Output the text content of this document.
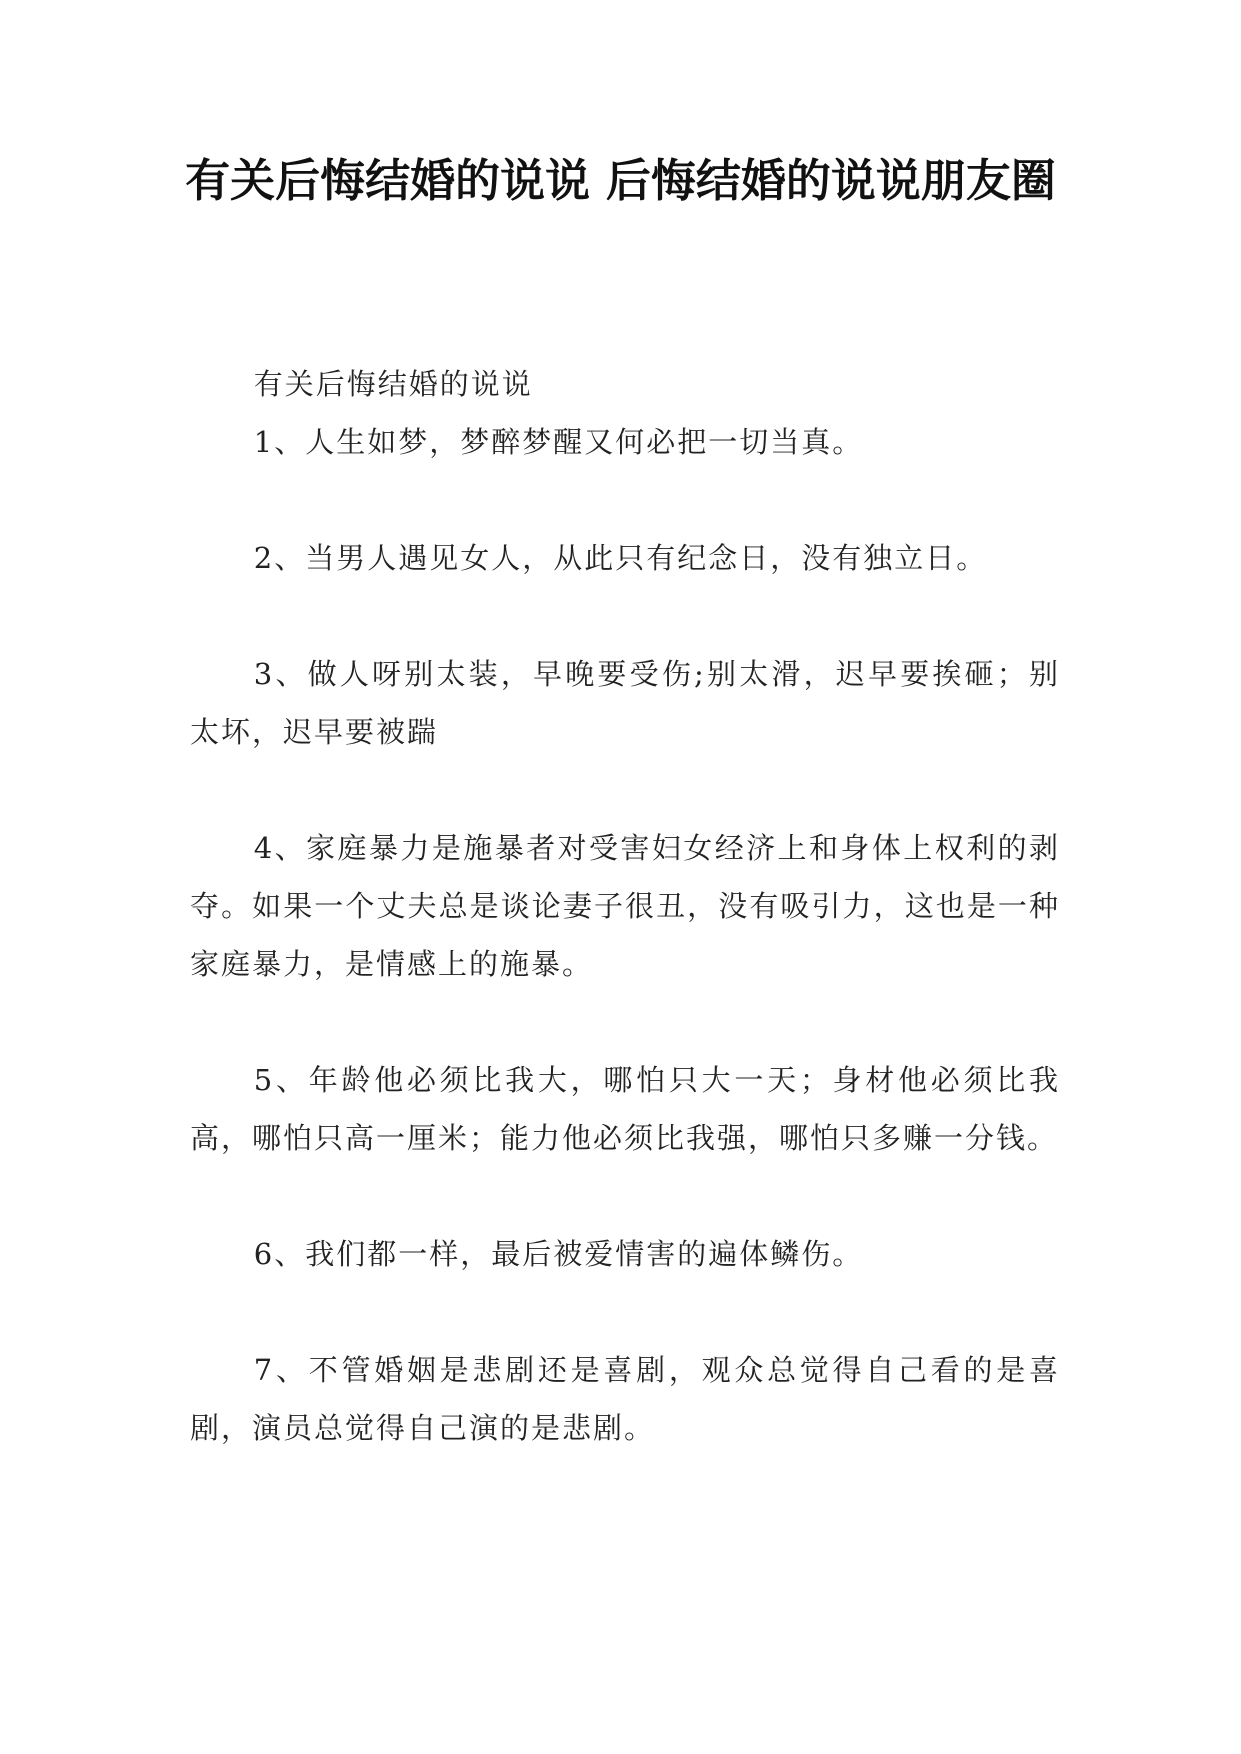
有关后悔结婚的说说 后悔结婚的说说朋友圈

有关后悔结婚的说说

1、人生如梦，梦醉梦醒又何必把一切当真。

2、当男人遇见女人，从此只有纪念日，没有独立日。

3、做人呀别太装，早晚要受伤;别太滑，迟早要挨砸；别太坏，迟早要被踹

4、家庭暴力是施暴者对受害妇女经济上和身体上权利的剥夺。如果一个丈夫总是谈论妻子很丑，没有吸引力，这也是一种家庭暴力，是情感上的施暴。

5、年龄他必须比我大，哪怕只大一天；身材他必须比我高，哪怕只高一厘米；能力他必须比我强，哪怕只多赚一分钱。

6、我们都一样，最后被爱情害的遍体鳞伤。

7、不管婚姻是悲剧还是喜剧，观众总觉得自己看的是喜剧，演员总觉得自己演的是悲剧。
